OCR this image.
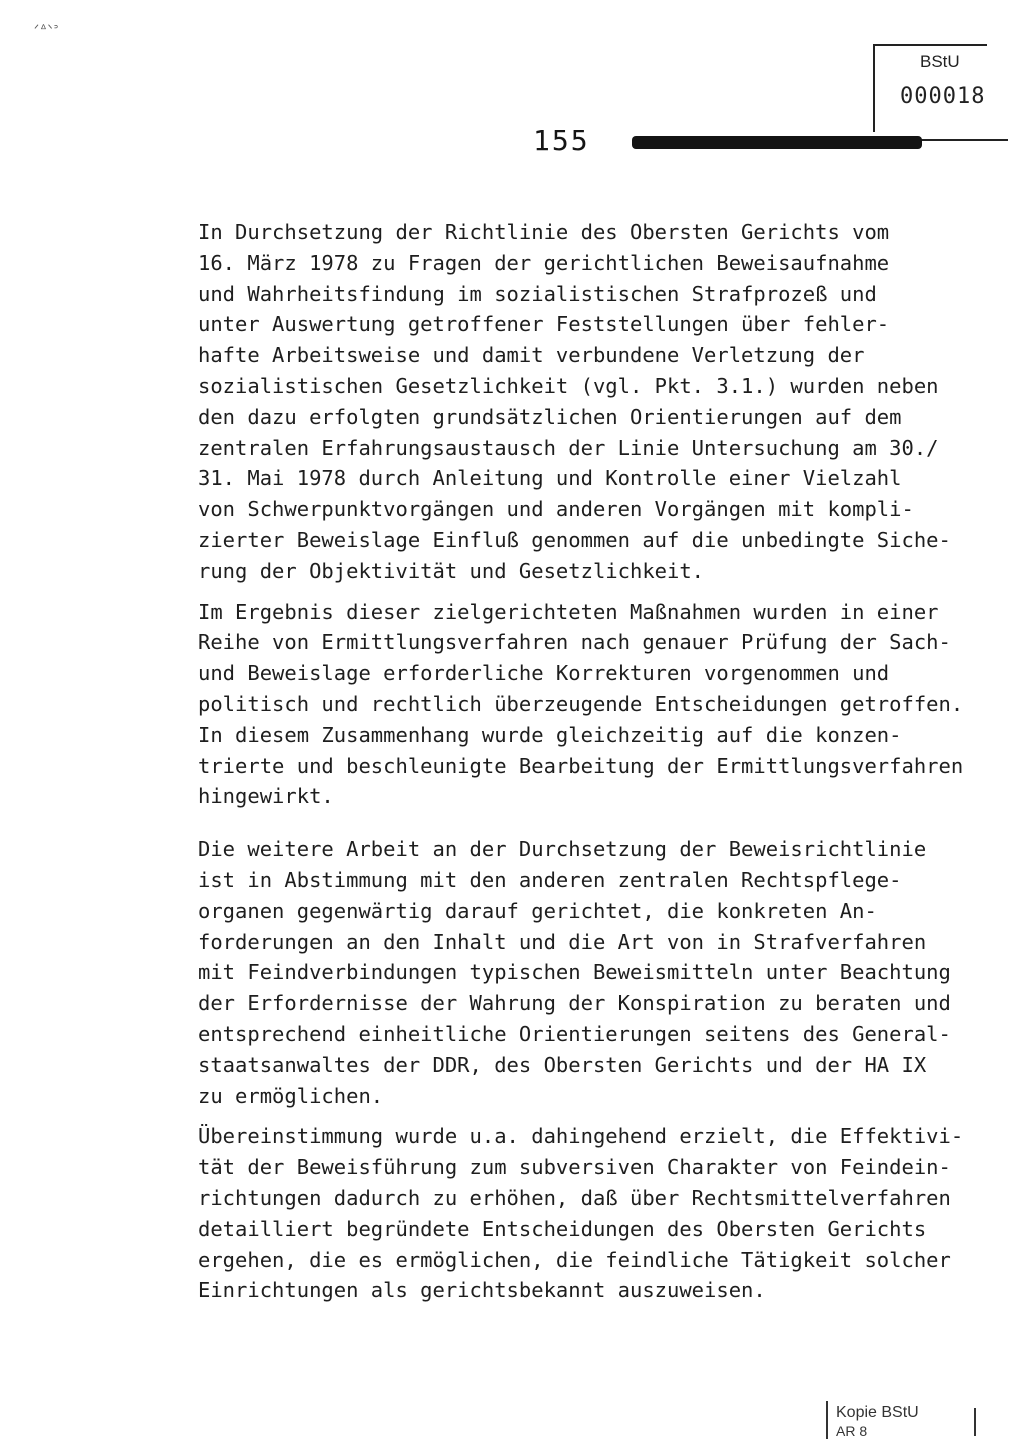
ᐟᐞᐠᐣ
BStU
000018
155
In Durchsetzung der Richtlinie des Obersten Gerichts vom
16. März 1978 zu Fragen der gerichtlichen Beweisaufnahme
und Wahrheitsfindung im sozialistischen Strafprozeß und
unter Auswertung getroffener Feststellungen über fehler-
hafte Arbeitsweise und damit verbundene Verletzung der
sozialistischen Gesetzlichkeit (vgl. Pkt. 3.1.) wurden neben
den dazu erfolgten grundsätzlichen Orientierungen auf dem
zentralen Erfahrungsaustausch der Linie Untersuchung am 30./
31. Mai 1978 durch Anleitung und Kontrolle einer Vielzahl
von Schwerpunktvorgängen und anderen Vorgängen mit kompli-
zierter Beweislage Einfluß genommen auf die unbedingte Siche-
rung der Objektivität und Gesetzlichkeit.
Im Ergebnis dieser zielgerichteten Maßnahmen wurden in einer
Reihe von Ermittlungsverfahren nach genauer Prüfung der Sach-
und Beweislage erforderliche Korrekturen vorgenommen und
politisch und rechtlich überzeugende Entscheidungen getroffen.
In diesem Zusammenhang wurde gleichzeitig auf die konzen-
trierte und beschleunigte Bearbeitung der Ermittlungsverfahren
hingewirkt.
Die weitere Arbeit an der Durchsetzung der Beweisrichtlinie
ist in Abstimmung mit den anderen zentralen Rechtspflege-
organen gegenwärtig darauf gerichtet, die konkreten An-
forderungen an den Inhalt und die Art von in Strafverfahren
mit Feindverbindungen typischen Beweismitteln unter Beachtung
der Erfordernisse der Wahrung der Konspiration zu beraten und
entsprechend einheitliche Orientierungen seitens des General-
staatsanwaltes der DDR, des Obersten Gerichts und der HA IX
zu ermöglichen.
Übereinstimmung wurde u.a. dahingehend erzielt, die Effektivi-
tät der Beweisführung zum subversiven Charakter von Feindein-
richtungen dadurch zu erhöhen, daß über Rechtsmittelverfahren
detailliert begründete Entscheidungen des Obersten Gerichts
ergehen, die es ermöglichen, die feindliche Tätigkeit solcher
Einrichtungen als gerichtsbekannt auszuweisen.
Kopie BStU
AR 8
